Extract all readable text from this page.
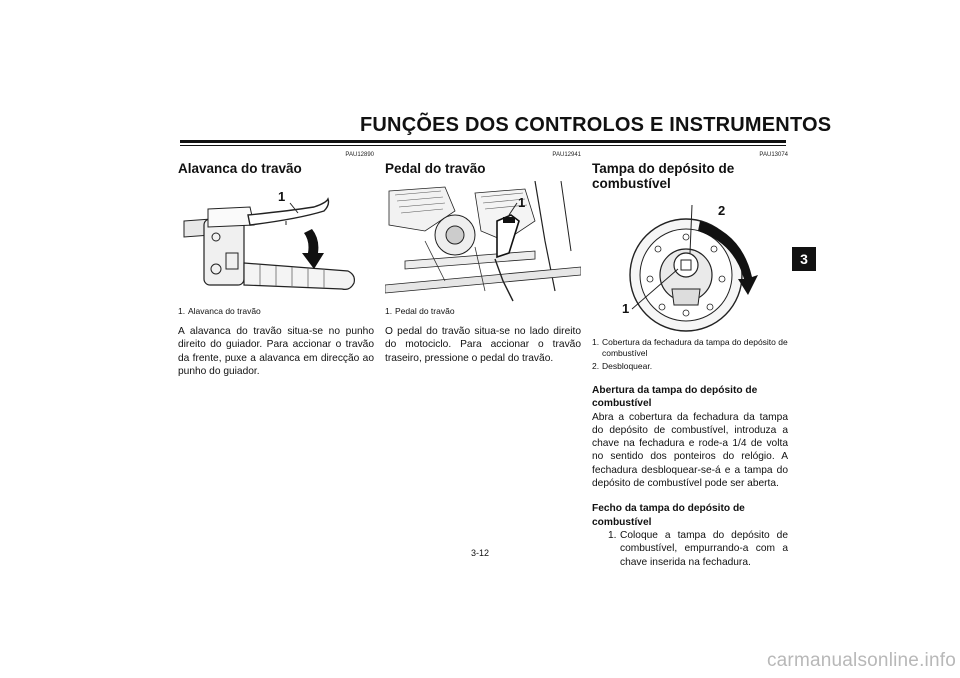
FUNÇÕES DOS CONTROLOS E INSTRUMENTOS
3
PAU12890
Alavanca do travão
1
1. Alavanca do travão
A alavanca do travão situa-se no punho direito do guiador. Para accionar o travão da frente, puxe a alavanca em direcção ao punho do guiador.
PAU12941
Pedal do travão
1
1. Pedal do travão
O pedal do travão situa-se no lado direito do motociclo. Para accionar o travão traseiro, pressione o pedal do travão.
PAU13074
Tampa do depósito de combustível
2
1
1. Cobertura da fechadura da tampa do depósito de combustível
2. Desbloquear.
Abertura da tampa do depósito de combustível
Abra a cobertura da fechadura da tampa do depósito de combustível, introduza a chave na fechadura e rode-a 1/4 de volta no sentido dos ponteiros do relógio. A fechadura desbloquear-se-á e a tampa do depósito de combustível pode ser aberta.
Fecho da tampa do depósito de combustível
1. Coloque a tampa do depósito de combustível, empurrando-a com a chave inserida na fechadura.
3-12
carmanualsonline.info
